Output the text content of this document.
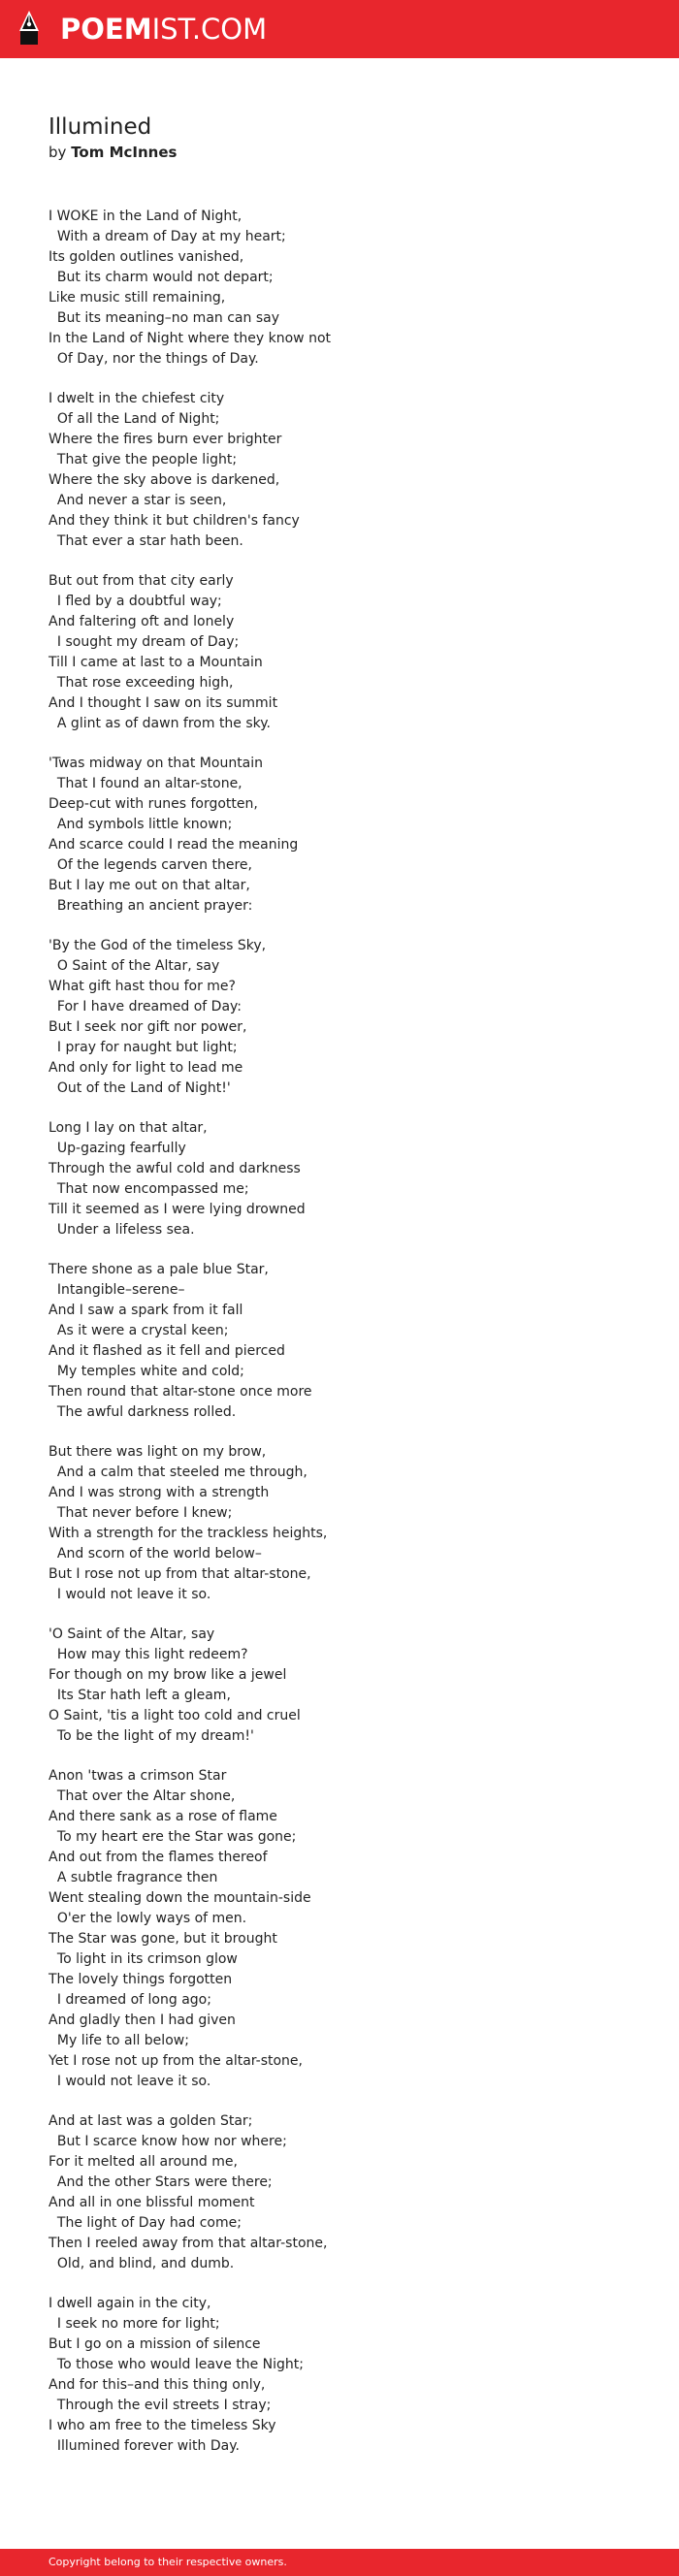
POEMIST.COM
Illumined
by Tom McInnes
I WOKE in the Land of Night,
With a dream of Day at my heart;
Its golden outlines vanished,
But its charm would not depart;
Like music still remaining,
But its meaning–no man can say
In the Land of Night where they know not
Of Day, nor the things of Day.
I dwelt in the chiefest city
Of all the Land of Night;
Where the fires burn ever brighter
That give the people light;
Where the sky above is darkened,
And never a star is seen,
And they think it but children's fancy
That ever a star hath been.
But out from that city early
I fled by a doubtful way;
And faltering oft and lonely
I sought my dream of Day;
Till I came at last to a Mountain
That rose exceeding high,
And I thought I saw on its summit
A glint as of dawn from the sky.
'Twas midway on that Mountain
That I found an altar-stone,
Deep-cut with runes forgotten,
And symbols little known;
And scarce could I read the meaning
Of the legends carven there,
But I lay me out on that altar,
Breathing an ancient prayer:
'By the God of the timeless Sky,
O Saint of the Altar, say
What gift hast thou for me?
For I have dreamed of Day:
But I seek nor gift nor power,
I pray for naught but light;
And only for light to lead me
Out of the Land of Night!'
Long I lay on that altar,
Up-gazing fearfully
Through the awful cold and darkness
That now encompassed me;
Till it seemed as I were lying drowned
Under a lifeless sea.
There shone as a pale blue Star,
Intangible–serene–
And I saw a spark from it fall
As it were a crystal keen;
And it flashed as it fell and pierced
My temples white and cold;
Then round that altar-stone once more
The awful darkness rolled.
But there was light on my brow,
And a calm that steeled me through,
And I was strong with a strength
That never before I knew;
With a strength for the trackless heights,
And scorn of the world below–
But I rose not up from that altar-stone,
I would not leave it so.
'O Saint of the Altar, say
How may this light redeem?
For though on my brow like a jewel
Its Star hath left a gleam,
O Saint, 'tis a light too cold and cruel
To be the light of my dream!'
Anon 'twas a crimson Star
That over the Altar shone,
And there sank as a rose of flame
To my heart ere the Star was gone;
And out from the flames thereof
A subtle fragrance then
Went stealing down the mountain-side
O'er the lowly ways of men.
The Star was gone, but it brought
To light in its crimson glow
The lovely things forgotten
I dreamed of long ago;
And gladly then I had given
My life to all below;
Yet I rose not up from the altar-stone,
I would not leave it so.
And at last was a golden Star;
But I scarce know how nor where;
For it melted all around me,
And the other Stars were there;
And all in one blissful moment
The light of Day had come;
Then I reeled away from that altar-stone,
Old, and blind, and dumb.
I dwell again in the city,
I seek no more for light;
But I go on a mission of silence
To those who would leave the Night;
And for this–and this thing only,
Through the evil streets I stray;
I who am free to the timeless Sky
Illumined forever with Day.
Copyright belong to their respective owners.
